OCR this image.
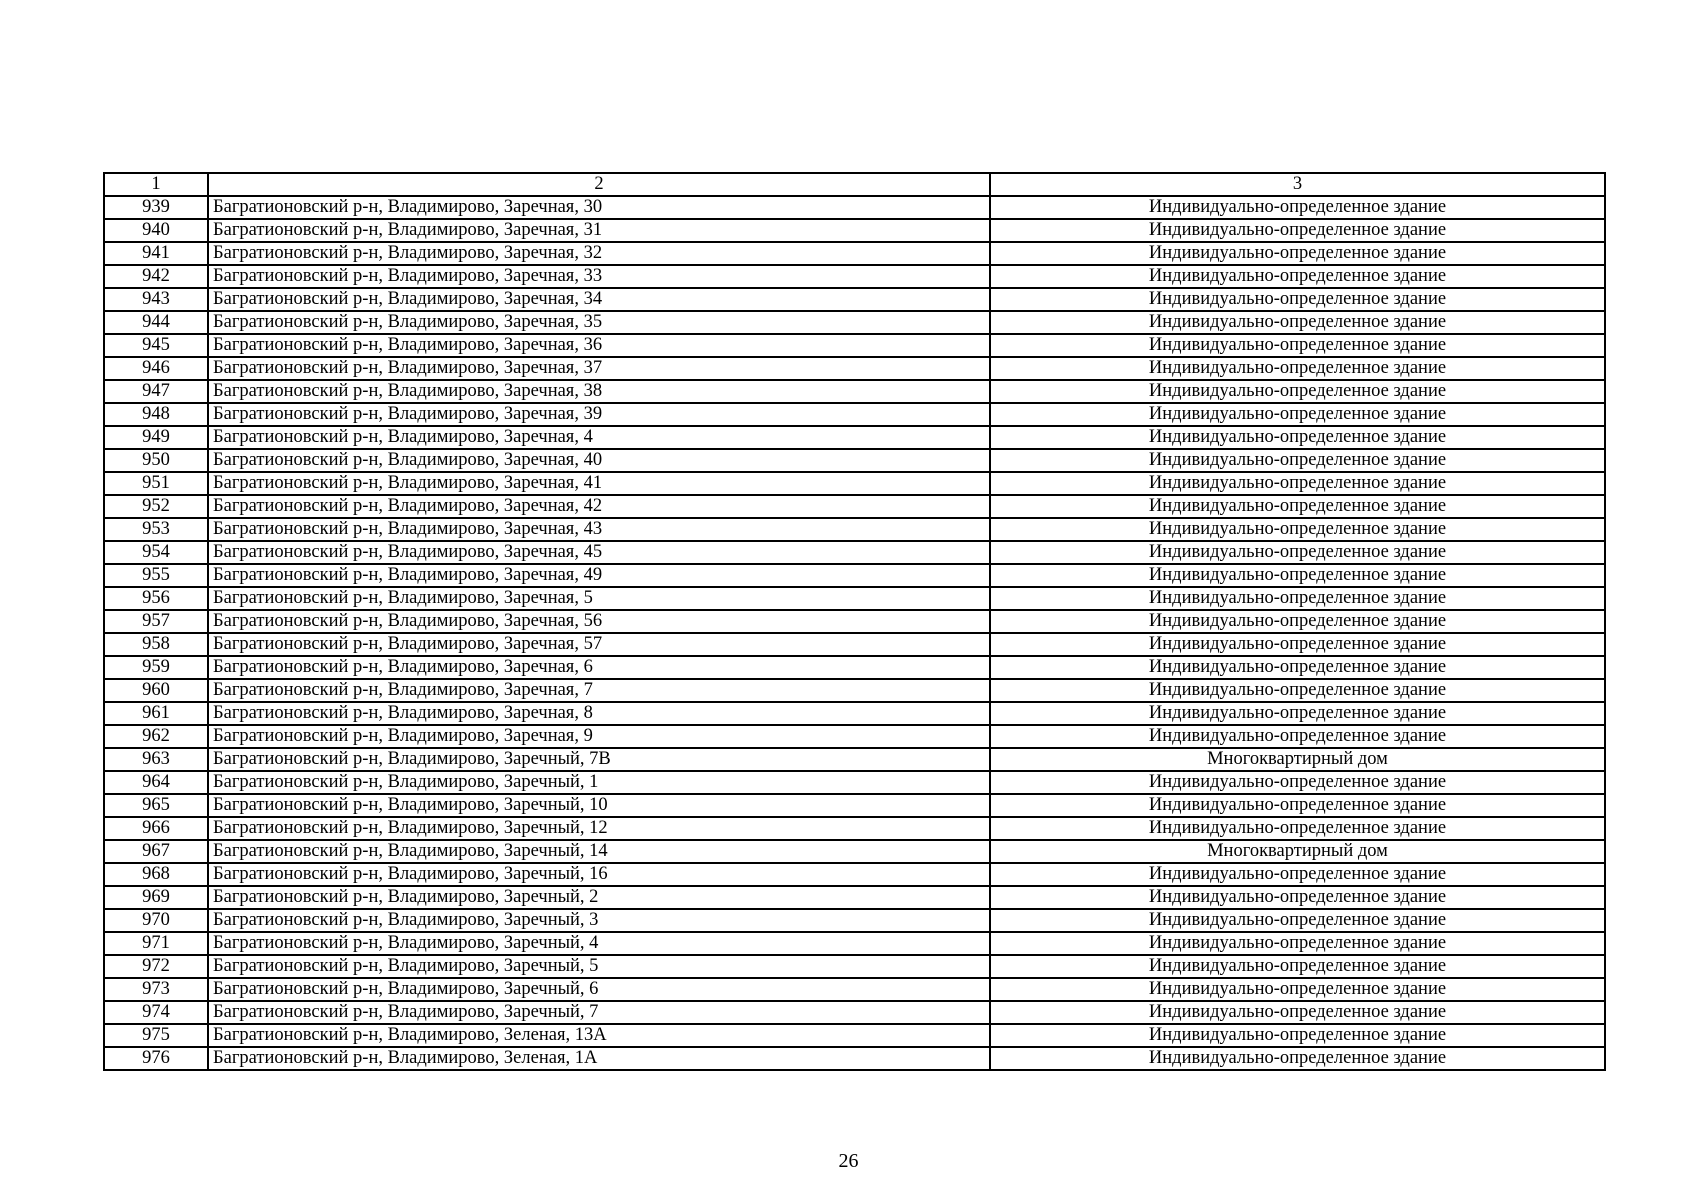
1	2	3
939	Багратионовский р-н, Владимирово, Заречная, 30	Индивидуально-определенное здание
940	Багратионовский р-н, Владимирово, Заречная, 31	Индивидуально-определенное здание
941	Багратионовский р-н, Владимирово, Заречная, 32	Индивидуально-определенное здание
942	Багратионовский р-н, Владимирово, Заречная, 33	Индивидуально-определенное здание
943	Багратионовский р-н, Владимирово, Заречная, 34	Индивидуально-определенное здание
944	Багратионовский р-н, Владимирово, Заречная, 35	Индивидуально-определенное здание
945	Багратионовский р-н, Владимирово, Заречная, 36	Индивидуально-определенное здание
946	Багратионовский р-н, Владимирово, Заречная, 37	Индивидуально-определенное здание
947	Багратионовский р-н, Владимирово, Заречная, 38	Индивидуально-определенное здание
948	Багратионовский р-н, Владимирово, Заречная, 39	Индивидуально-определенное здание
949	Багратионовский р-н, Владимирово, Заречная, 4	Индивидуально-определенное здание
950	Багратионовский р-н, Владимирово, Заречная, 40	Индивидуально-определенное здание
951	Багратионовский р-н, Владимирово, Заречная, 41	Индивидуально-определенное здание
952	Багратионовский р-н, Владимирово, Заречная, 42	Индивидуально-определенное здание
953	Багратионовский р-н, Владимирово, Заречная, 43	Индивидуально-определенное здание
954	Багратионовский р-н, Владимирово, Заречная, 45	Индивидуально-определенное здание
955	Багратионовский р-н, Владимирово, Заречная, 49	Индивидуально-определенное здание
956	Багратионовский р-н, Владимирово, Заречная, 5	Индивидуально-определенное здание
957	Багратионовский р-н, Владимирово, Заречная, 56	Индивидуально-определенное здание
958	Багратионовский р-н, Владимирово, Заречная, 57	Индивидуально-определенное здание
959	Багратионовский р-н, Владимирово, Заречная, 6	Индивидуально-определенное здание
960	Багратионовский р-н, Владимирово, Заречная, 7	Индивидуально-определенное здание
961	Багратионовский р-н, Владимирово, Заречная, 8	Индивидуально-определенное здание
962	Багратионовский р-н, Владимирово, Заречная, 9	Индивидуально-определенное здание
963	Багратионовский р-н, Владимирово, Заречный, 7В	Многоквартирный дом
964	Багратионовский р-н, Владимирово, Заречный, 1	Индивидуально-определенное здание
965	Багратионовский р-н, Владимирово, Заречный, 10	Индивидуально-определенное здание
966	Багратионовский р-н, Владимирово, Заречный, 12	Индивидуально-определенное здание
967	Багратионовский р-н, Владимирово, Заречный, 14	Многоквартирный дом
968	Багратионовский р-н, Владимирово, Заречный, 16	Индивидуально-определенное здание
969	Багратионовский р-н, Владимирово, Заречный, 2	Индивидуально-определенное здание
970	Багратионовский р-н, Владимирово, Заречный, 3	Индивидуально-определенное здание
971	Багратионовский р-н, Владимирово, Заречный, 4	Индивидуально-определенное здание
972	Багратионовский р-н, Владимирово, Заречный, 5	Индивидуально-определенное здание
973	Багратионовский р-н, Владимирово, Заречный, 6	Индивидуально-определенное здание
974	Багратионовский р-н, Владимирово, Заречный, 7	Индивидуально-определенное здание
975	Багратионовский р-н, Владимирово, Зеленая, 13А	Индивидуально-определенное здание
976	Багратионовский р-н, Владимирово, Зеленая, 1А	Индивидуально-определенное здание
26
